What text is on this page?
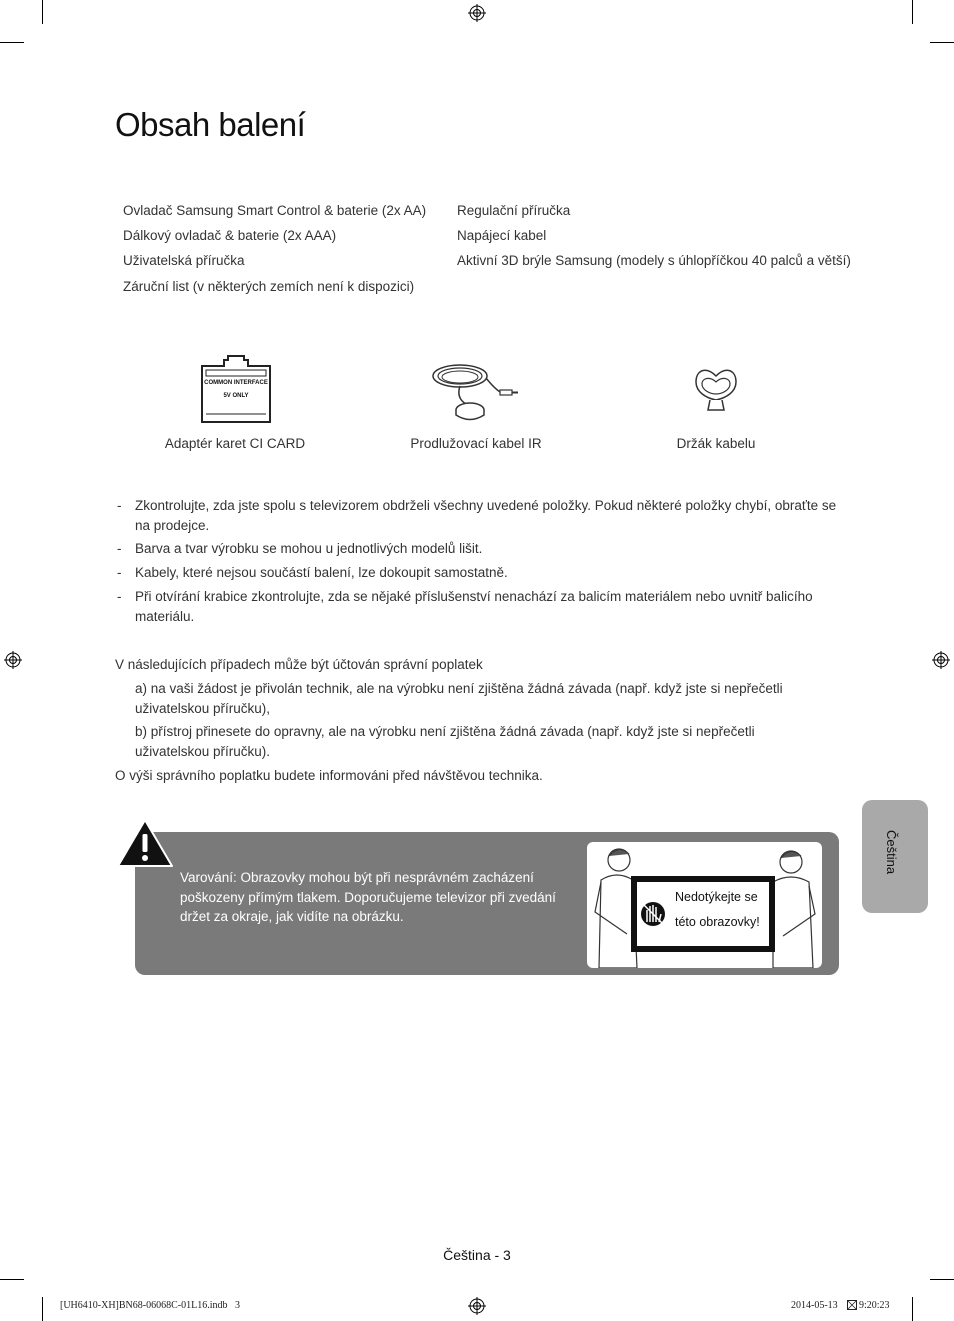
Obsah balení
Ovladač Samsung Smart Control & baterie (2x AA)
Dálkový ovladač & baterie (2x AAA)
Uživatelská příručka
Záruční list (v některých zemích není k dispozici)
Regulační příručka
Napájecí kabel
Aktivní 3D brýle Samsung (modely s úhlopříčkou 40 palců a větší)
COMMON INTERFACE
5V ONLY
Adaptér karet CI CARD	Prodlužovací kabel IR	Držák kabelu
- Zkontrolujte, zda jste spolu s televizorem obdrželi všechny uvedené položky. Pokud některé položky chybí, obraťte se na prodejce.
- Barva a tvar výrobku se mohou u jednotlivých modelů lišit.
- Kabely, které nejsou součástí balení, lze dokoupit samostatně.
- Při otvírání krabice zkontrolujte, zda se nějaké příslušenství nenachází za balicím materiálem nebo uvnitř balicího materiálu.
V následujících případech může být účtován správní poplatek
a) na vaši žádost je přivolán technik, ale na výrobku není zjištěna žádná závada (např. když jste si nepřečetli uživatelskou příručku),
b) přístroj přinesete do opravny, ale na výrobku není zjištěna žádná závada (např. když jste si nepřečetli uživatelskou příručku).
O výši správního poplatku budete informováni před návštěvou technika.
Varování: Obrazovky mohou být při nesprávném zacházení poškozeny přímým tlakem. Doporučujeme televizor při zvedání držet za okraje, jak vidíte na obrázku.
Nedotýkejte se
této obrazovky!
Čeština
Čeština - 3
[UH6410-XH]BN68-06068C-01L16.indb   3	2014-05-13 9:20:23
